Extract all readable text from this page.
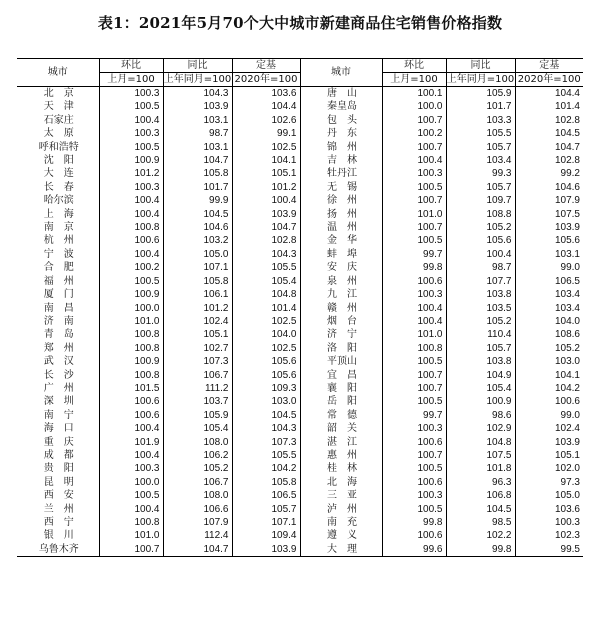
表1：2021年5月70个大中城市新建商品住宅销售价格指数
城市	环比	同比	定基	城市	环比	同比	定基
	上月=100	上年同月=100	2020年=100		上月=100	上年同月=100	2020年=100
北　京	100.3	104.3	103.6	唐　山	100.1	105.9	104.4
天　津	100.5	103.9	104.4	秦皇岛	100.0	101.7	101.4
石家庄	100.4	103.1	102.6	包　头	100.7	103.3	102.8
太　原	100.3	98.7	99.1	丹　东	100.2	105.5	104.5
呼和浩特	100.5	103.1	102.5	锦　州	100.7	105.7	104.7
沈　阳	100.9	104.7	104.1	吉　林	100.4	103.4	102.8
大　连	101.2	105.8	105.1	牡丹江	100.3	99.3	99.2
长　春	100.3	101.7	101.2	无　锡	100.5	105.7	104.6
哈尔滨	100.4	99.9	100.4	徐　州	100.7	109.7	107.9
上　海	100.4	104.5	103.9	扬　州	101.0	108.8	107.5
南　京	100.8	104.6	104.7	温　州	100.7	105.2	103.9
杭　州	100.6	103.2	102.8	金　华	100.5	105.6	105.6
宁　波	100.4	105.0	104.3	蚌　埠	99.7	100.4	103.1
合　肥	100.2	107.1	105.5	安　庆	99.8	98.7	99.0
福　州	100.5	105.8	105.4	泉　州	100.6	107.7	106.5
厦　门	100.9	106.1	104.8	九　江	100.3	103.8	103.4
南　昌	100.0	101.2	101.4	赣　州	100.4	103.5	103.4
济　南	101.0	102.4	102.5	烟　台	100.4	105.2	104.0
青　岛	100.8	105.1	104.0	济　宁	101.0	110.4	108.6
郑　州	100.8	102.7	102.5	洛　阳	100.8	105.7	105.2
武　汉	100.9	107.3	105.6	平顶山	100.5	103.8	103.0
长　沙	100.8	106.7	105.6	宜　昌	100.7	104.9	104.1
广　州	101.5	111.2	109.3	襄　阳	100.7	105.4	104.2
深　圳	100.6	103.7	103.0	岳　阳	100.5	100.9	100.6
南　宁	100.6	105.9	104.5	常　德	99.7	98.6	99.0
海　口	100.4	105.4	104.3	韶　关	100.3	102.9	102.4
重　庆	101.9	108.0	107.3	湛　江	100.6	104.8	103.9
成　都	100.4	106.2	105.5	惠　州	100.7	107.5	105.1
贵　阳	100.3	105.2	104.2	桂　林	100.5	101.8	102.0
昆　明	100.0	106.7	105.8	北　海	100.6	96.3	97.3
西　安	100.5	108.0	106.5	三　亚	100.3	106.8	105.0
兰　州	100.4	106.6	105.7	泸　州	100.5	104.5	103.6
西　宁	100.8	107.9	107.1	南　充	99.8	98.5	100.3
银　川	101.0	112.4	109.4	遵　义	100.6	102.2	102.3
乌鲁木齐	100.7	104.7	103.9	大　理	99.6	99.8	99.5
